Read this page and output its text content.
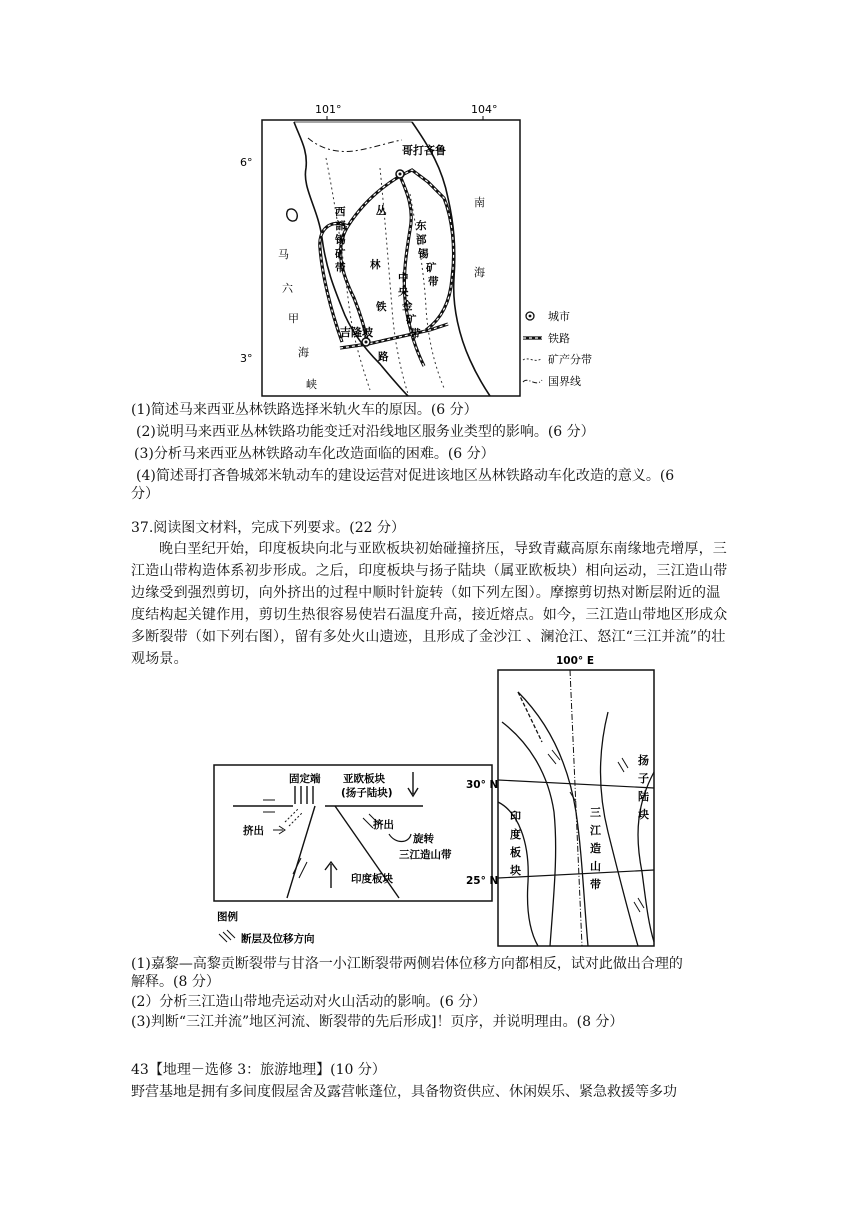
101°	104°
6°
3°
哥打吝鲁
吉隆坡
南
海
马
六
甲
海
峡
丛
林
铁
路
西
部
锡
矿
带
东
部
锡
矿
带
中
央
金
矿
带
城市
铁路
矿产分带
国界线
(1)简述马来西亚丛林铁路选择米轨火车的原因。(6 分）
(2)说明马来西亚丛林铁路功能变迁对沿线地区服务业类型的影响。(6 分）
(3)分析马来西亚丛林铁路动车化改造面临的困难。(6 分）
(4)简述哥打吝鲁城郊米轨动车的建设运营对促进该地区丛林铁路动车化改造的意义。(6
分）
37.阅读图文材料，完成下列要求。(22 分）
晚白垩纪开始，印度板块向北与亚欧板块初始碰撞挤压，导致青藏高原东南缘地壳增厚，三江造山带构造体系初步形成。之后，印度板块与扬子陆块（属亚欧板块）相向运动，三江造山带边缘受到强烈剪切，向外挤出的过程中顺时针旋转（如下列左图）。摩擦剪切热对断层附近的温度结构起关键作用，剪切生热很容易使岩石温度升高，接近熔点。如今，三江造山带地区形成众多断裂带（如下列右图），留有多处火山遗迹，且形成了金沙江 、澜沧江、怒江“三江并流”的壮观场景。
固定端 亚欧板块
(扬子陆块)
挤出	挤出
旋转
三江造山带
印度板块
图例
断层及位移方向
100° E
30° N
25° N
印
度
板
块
三
江
造
山
带
扬
子
陆
块
(1)嘉黎—高黎贡断裂带与甘洛一小江断裂带两侧岩体位移方向都相反，试对此做出合理的
解释。(8 分）
(2）分析三江造山带地壳运动对火山活动的影响。(6 分）
(3)判断“三江并流”地区河流、断裂带的先后形成]！页序，并说明理由。(8 分）
43【地理－选修 3：旅游地理】(10 分）
野营基地是拥有多间度假屋舍及露营帐蓬位，具备物资供应、休闲娱乐、紧急救援等多功
